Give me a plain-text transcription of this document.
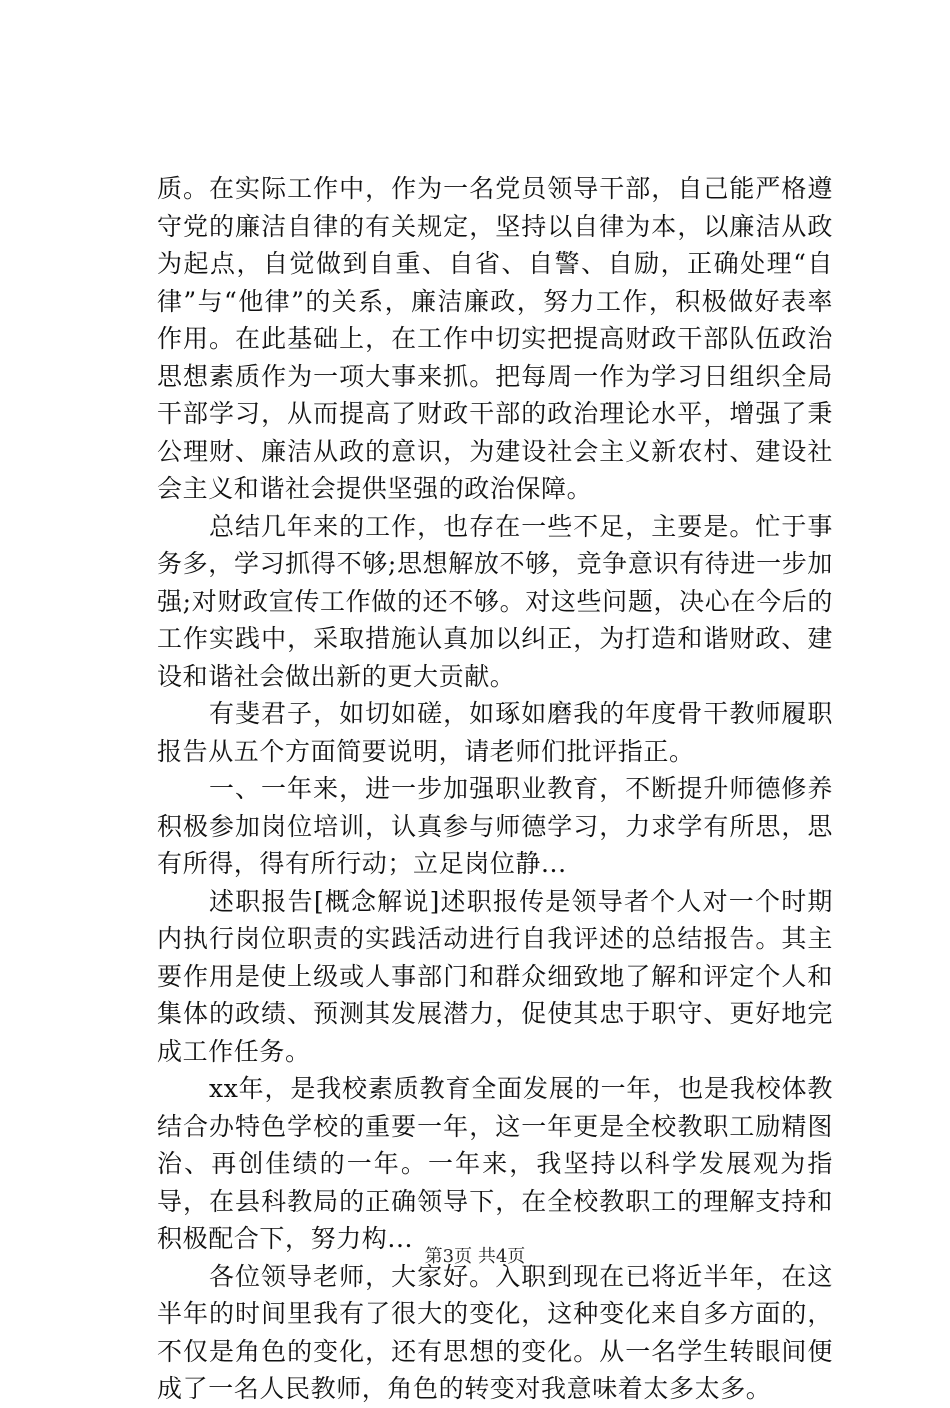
质。在实际工作中，作为一名党员领导干部，自己能严格遵守党的廉洁自律的有关规定，坚持以自律为本，以廉洁从政为起点，自觉做到自重、自省、自警、自励，正确处理“自律”与“他律”的关系，廉洁廉政，努力工作，积极做好表率作用。在此基础上，在工作中切实把提高财政干部队伍政治思想素质作为一项大事来抓。把每周一作为学习日组织全局干部学习，从而提高了财政干部的政治理论水平，增强了秉公理财、廉洁从政的意识，为建设社会主义新农村、建设社会主义和谐社会提供坚强的政治保障。

总结几年来的工作，也存在一些不足，主要是。忙于事务多，学习抓得不够;思想解放不够，竞争意识有待进一步加强;对财政宣传工作做的还不够。对这些问题，决心在今后的工作实践中，采取措施认真加以纠正，为打造和谐财政、建设和谐社会做出新的更大贡献。

有斐君子，如切如磋，如琢如磨我的年度骨干教师履职报告从五个方面简要说明，请老师们批评指正。

一、一年来，进一步加强职业教育，不断提升师德修养积极参加岗位培训，认真参与师德学习，力求学有所思，思有所得，得有所行动；立足岗位静...

述职报告[概念解说]述职报传是领导者个人对一个时期内执行岗位职责的实践活动进行自我评述的总结报告。其主要作用是使上级或人事部门和群众细致地了解和评定个人和集体的政绩、预测其发展潜力，促使其忠于职守、更好地完成工作任务。

xx年，是我校素质教育全面发展的一年，也是我校体教结合办特色学校的重要一年，这一年更是全校教职工励精图治、再创佳绩的一年。一年来，我坚持以科学发展观为指导，在县科教局的正确领导下，在全校教职工的理解支持和积极配合下，努力构...

各位领导老师，大家好。入职到现在已将近半年，在这半年的时间里我有了很大的变化，这种变化来自多方面的，不仅是角色的变化，还有思想的变化。从一名学生转眼间便成了一名人民教师，角色的转变对我意味着太多太多。

第3页 共4页
